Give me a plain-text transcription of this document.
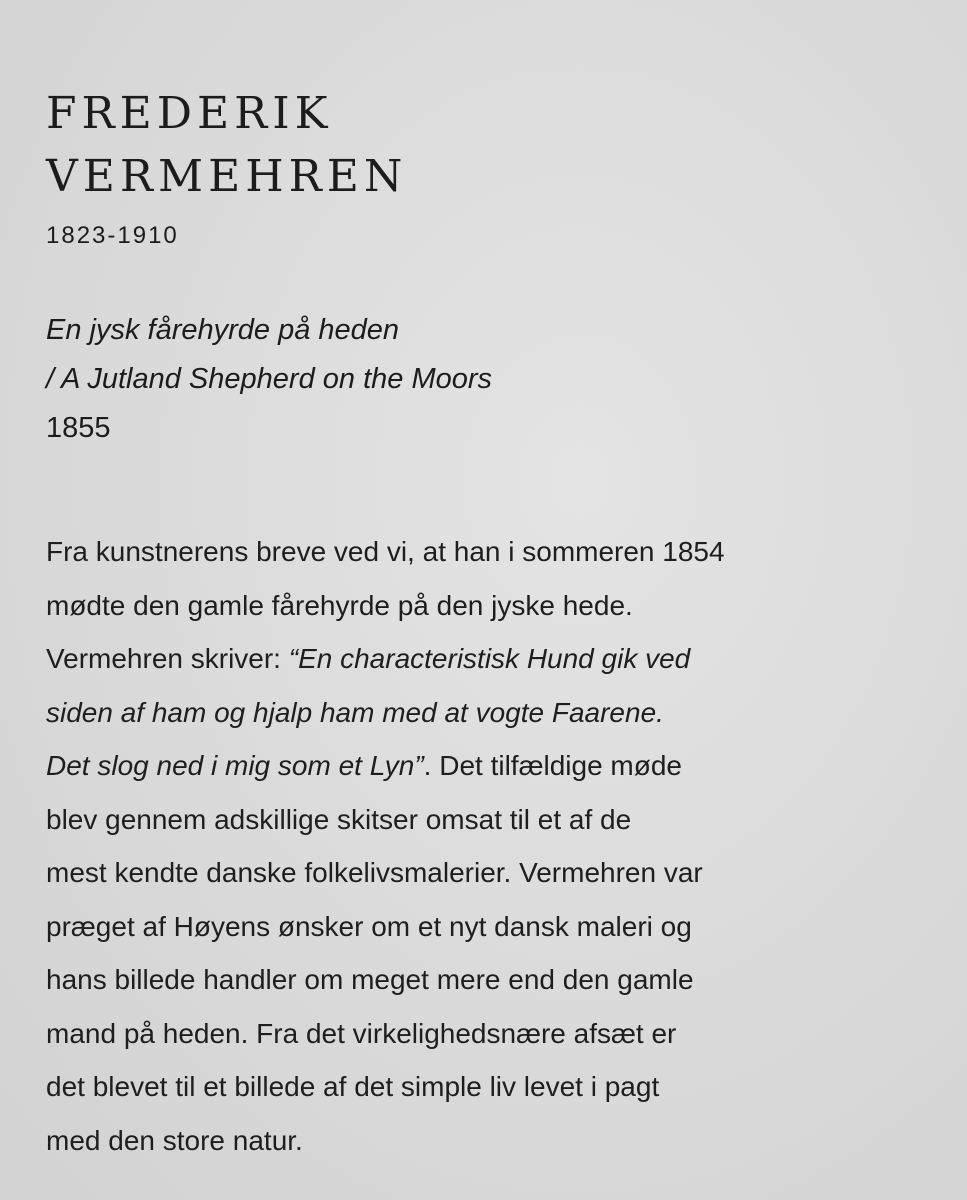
FREDERIK
VERMEHREN
1823-1910
En jysk fårehyrde på heden
/ A Jutland Shepherd on the Moors
1855
Fra kunstnerens breve ved vi, at han i sommeren 1854
mødte den gamle fårehyrde på den jyske hede.
Vermehren skriver: “En characteristisk Hund gik ved
siden af ham og hjalp ham med at vogte Faarene.
Det slog ned i mig som et Lyn”. Det tilfældige møde
blev gennem adskillige skitser omsat til et af de
mest kendte danske folkelivsmalerier. Vermehren var
præget af Høyens ønsker om et nyt dansk maleri og
hans billede handler om meget mere end den gamle
mand på heden. Fra det virkelighedsnære afsæt er
det blevet til et billede af det simple liv levet i pagt
med den store natur.
